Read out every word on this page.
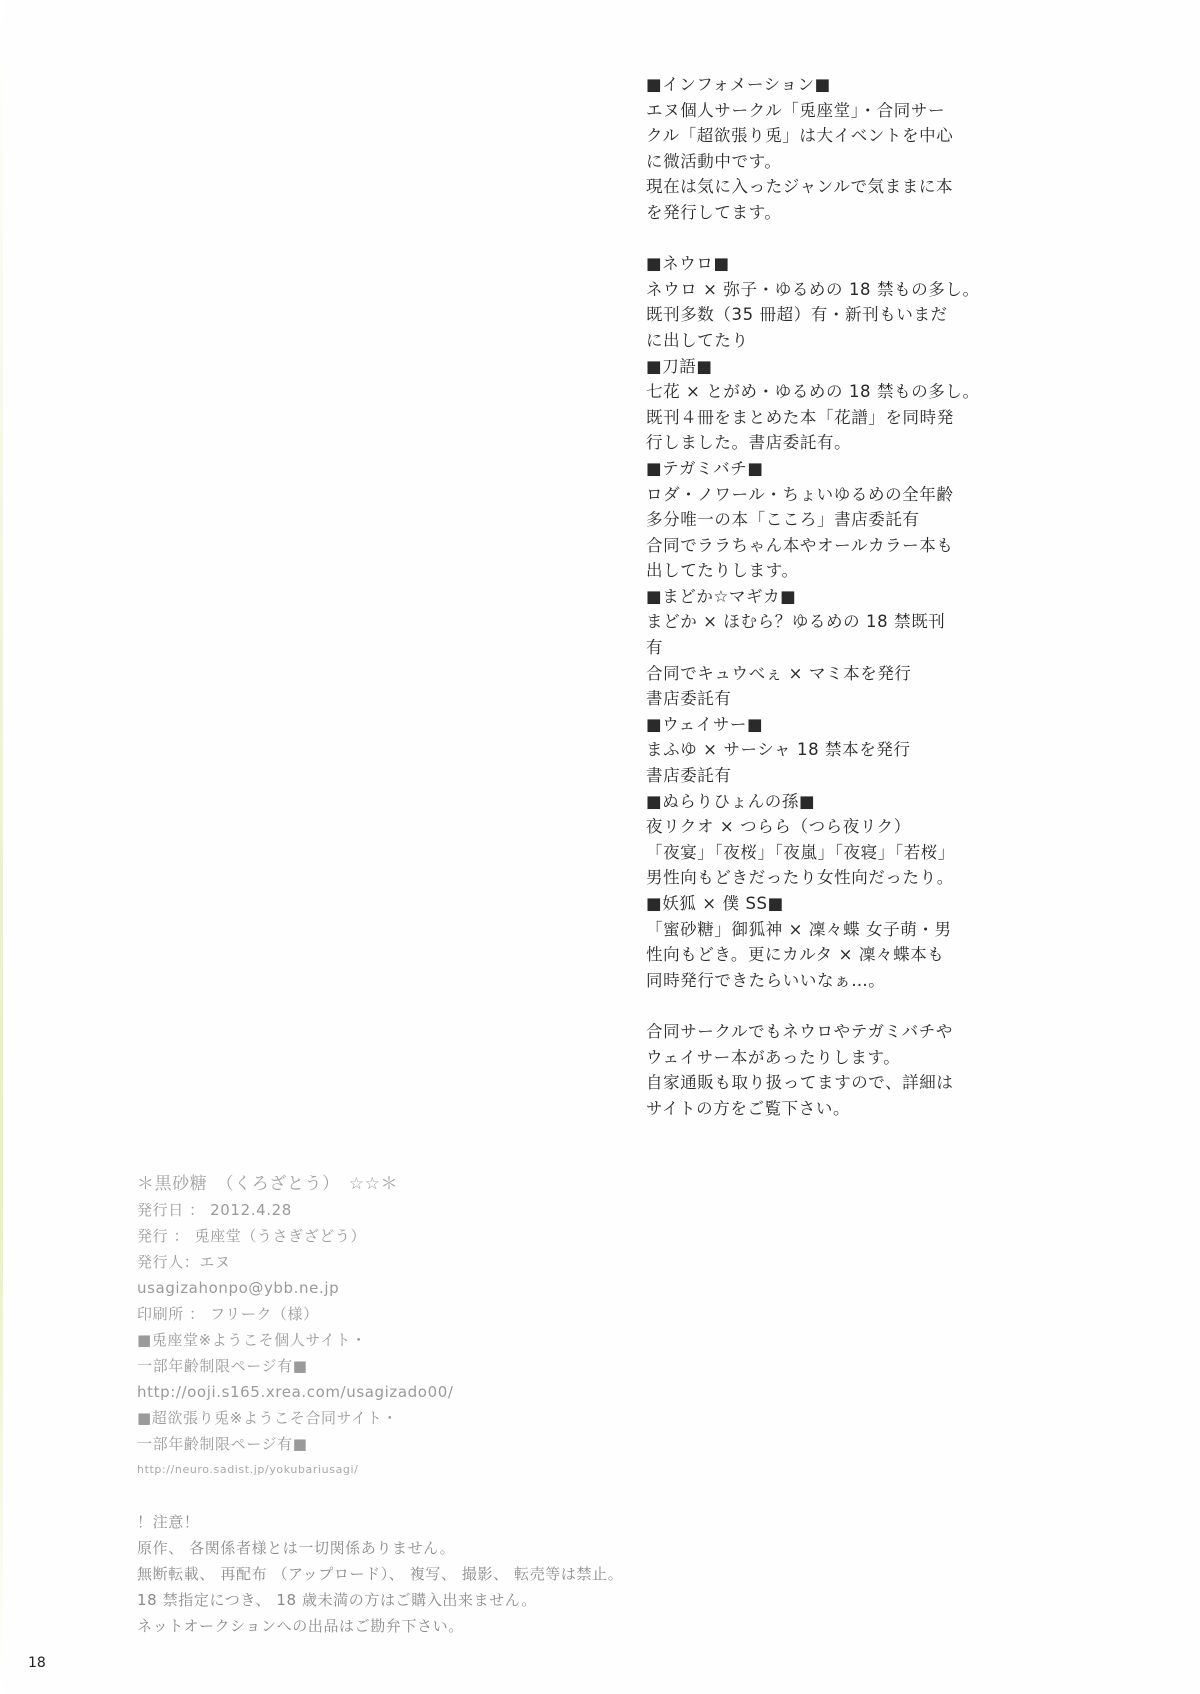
■インフォメーション■
エヌ個人サークル「兎座堂」・合同サー
クル「超欲張り兎」は大イベントを中心
に微活動中です。
現在は気に入ったジャンルで気ままに本
を発行してます。
■ネウロ■
ネウロ × 弥子・ゆるめの 18 禁もの多し。
既刊多数（35 冊超）有・新刊もいまだ
に出してたり
■刀語■
七花 × とがめ・ゆるめの 18 禁もの多し。
既刊４冊をまとめた本「花譜」を同時発
行しました。書店委託有。
■テガミバチ■
ロダ・ノワール・ちょいゆるめの全年齢
多分唯一の本「こころ」書店委託有
合同でララちゃん本やオールカラー本も
出してたりします。
■まどか☆マギカ■
まどか × ほむら？ゆるめの 18 禁既刊
有
合同でキュウべぇ × マミ本を発行
書店委託有
■ウェイサー■
まふゆ × サーシャ 18 禁本を発行
書店委託有
■ぬらりひょんの孫■
夜リクオ × つらら（つら夜リク）
「夜宴」「夜桜」「夜嵐」「夜寝」「若桜」
男性向もどきだったり女性向だったり。
■妖狐 × 僕 SS■
「蜜砂糖」御狐神 × 凜々蝶 女子萌・男
性向もどき。更にカルタ × 凜々蝶本も
同時発行できたらいいなぁ…。
合同サークルでもネウロやテガミバチや
ウェイサー本があったりします。
自家通販も取り扱ってますので、詳細は
サイトの方をご覧下さい。
＊黒砂糖　（くろざとう）　☆☆＊
発行日 ： 2012.4.28
発行 ： 兎座堂（うさぎざどう）
発行人：エヌ
usagizahonpo@ybb.ne.jp
印刷所 ： フリーク（様）
■兎座堂※ようこそ個人サイト・
一部年齢制限ページ有■
http://ooji.s165.xrea.com/usagizado00/
■超欲張り兎※ようこそ合同サイト・
一部年齢制限ページ有■
http://neuro.sadist.jp/yokubariusagi/
！注意！
原作、 各関係者様とは一切関係ありません。
無断転載、 再配布 （アップロード）、 複写、 撮影、 転売等は禁止。
18 禁指定につき、 18 歳未満の方はご購入出来ません。
ネットオークションへの出品はご勘弁下さい。
18
